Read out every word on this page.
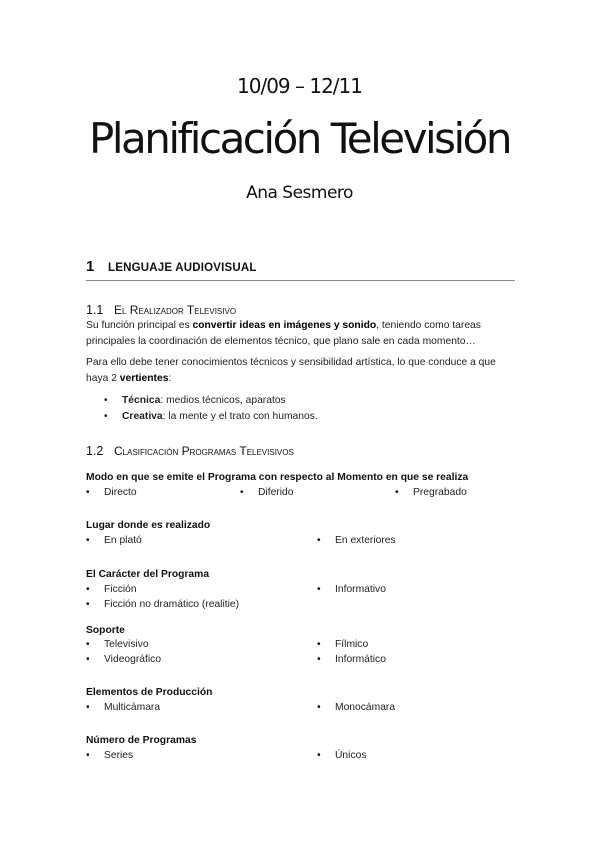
10/09 – 12/11
Planificación Televisión
Ana Sesmero
1 LENGUAJE AUDIOVISUAL
1.1 El Realizador Televisivo
Su función principal es convertir ideas en imágenes y sonido, teniendo como tareas principales la coordinación de elementos técnico, que plano sale en cada momento…
Para ello debe tener conocimientos técnicos y sensibilidad artística, lo que conduce a que haya 2 vertientes:
• Técnica: medios técnicos, aparatos
• Creativa: la mente y el trato con humanos.
1.2 Clasificación Programas Televisivos
Modo en que se emite el Programa con respecto al Momento en que se realiza
• Directo	• Diferido	• Pregrabado
Lugar donde es realizado
• En plató	• En exteriores
El Carácter del Programa
• Ficción	• Informativo
• Ficción no dramático (realitie)
Soporte
• Televisivo	• Fílmico
• Videográfico	• Informático
Elementos de Producción
• Multicámara	• Monocámara
Número de Programas
• Series	• Únicos
